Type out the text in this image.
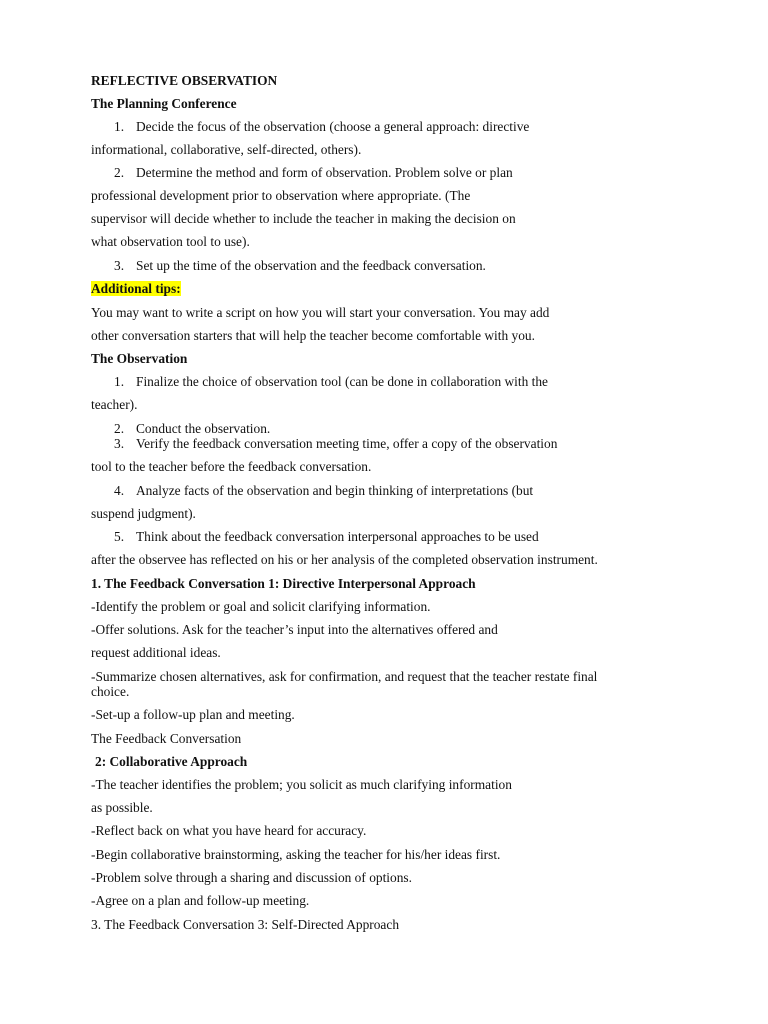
REFLECTIVE OBSERVATION
The Planning Conference
1. Decide the focus of the observation (choose a general approach: directive
informational, collaborative, self-directed, others).
2. Determine the method and form of observation. Problem solve or plan
professional development prior to observation where appropriate. (The
supervisor will decide whether to include the teacher in making the decision on
what observation tool to use).
3. Set up the time of the observation and the feedback conversation.
Additional tips:
You may want to write a script on how you will start your conversation. You may add
other conversation starters that will help the teacher become comfortable with you.
The Observation
1. Finalize the choice of observation tool (can be done in collaboration with the
teacher).
2. Conduct the observation.
3. Verify the feedback conversation meeting time, offer a copy of the observation
tool to the teacher before the feedback conversation.
4. Analyze facts of the observation and begin thinking of interpretations (but
suspend judgment).
5. Think about the feedback conversation interpersonal approaches to be used
after the observee has reflected on his or her analysis of the completed observation instrument.
1. The Feedback Conversation 1: Directive Interpersonal Approach
-Identify the problem or goal and solicit clarifying information.
-Offer solutions. Ask for the teacher’s input into the alternatives offered and
request additional ideas.
-Summarize chosen alternatives, ask for confirmation, and request that the teacher restate final
choice.
-Set-up a follow-up plan and meeting.
The Feedback Conversation
2: Collaborative Approach
-The teacher identifies the problem; you solicit as much clarifying information
as possible.
-Reflect back on what you have heard for accuracy.
-Begin collaborative brainstorming, asking the teacher for his/her ideas first.
-Problem solve through a sharing and discussion of options.
-Agree on a plan and follow-up meeting.
3. The Feedback Conversation 3: Self-Directed Approach
